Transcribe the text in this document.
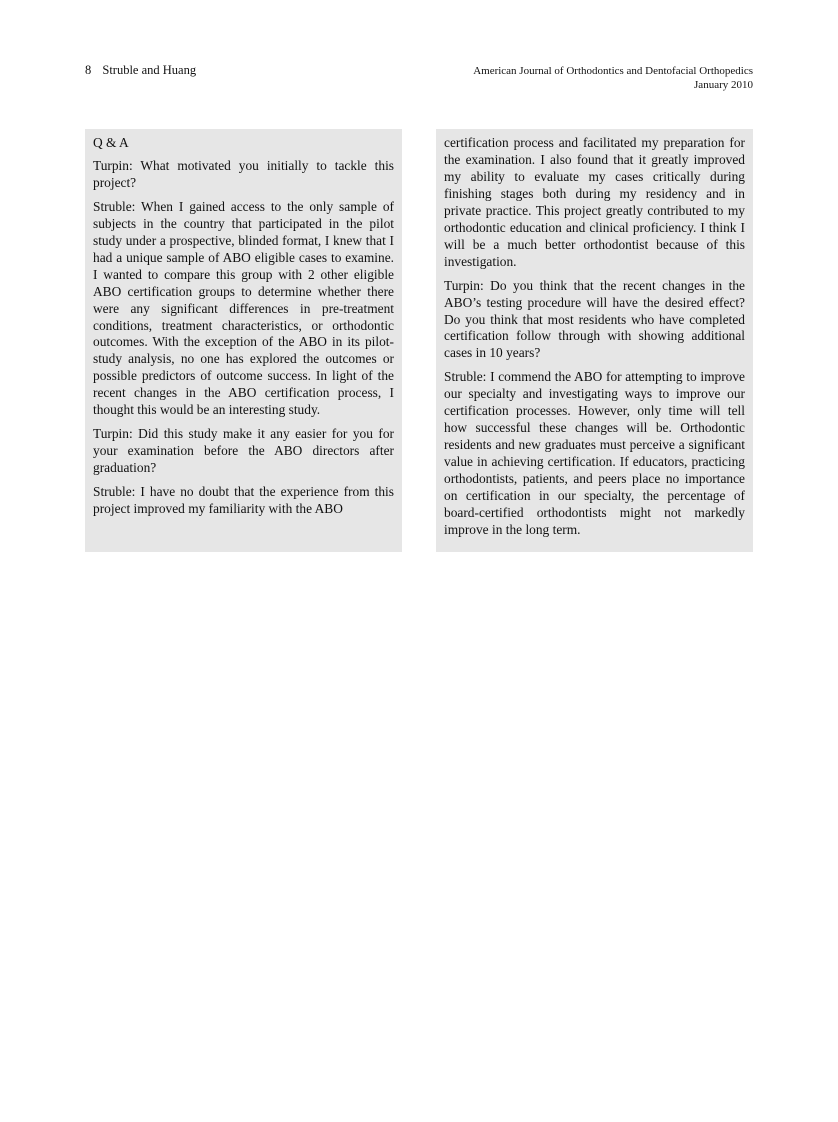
8 Struble and Huang	American Journal of Orthodontics and Dentofacial Orthopedics
January 2010

Q & A

Turpin: What motivated you initially to tackle this project?

Struble: When I gained access to the only sample of subjects in the country that participated in the pilot study under a prospective, blinded format, I knew that I had a unique sample of ABO eligible cases to examine. I wanted to compare this group with 2 other eligible ABO certification groups to determine whether there were any significant differences in pre-treatment conditions, treatment characteristics, or orthodontic outcomes. With the exception of the ABO in its pilot-study analysis, no one has explored the outcomes or possible predictors of outcome success. In light of the recent changes in the ABO certification process, I thought this would be an interesting study.

Turpin: Did this study make it any easier for you for your examination before the ABO directors after graduation?

Struble: I have no doubt that the experience from this project improved my familiarity with the ABO

certification process and facilitated my preparation for the examination. I also found that it greatly improved my ability to evaluate my cases critically during finishing stages both during my residency and in private practice. This project greatly contributed to my orthodontic education and clinical proficiency. I think I will be a much better orthodontist because of this investigation.

Turpin: Do you think that the recent changes in the ABO’s testing procedure will have the desired effect? Do you think that most residents who have completed certification follow through with showing additional cases in 10 years?

Struble: I commend the ABO for attempting to improve our specialty and investigating ways to improve our certification processes. However, only time will tell how successful these changes will be. Orthodontic residents and new graduates must perceive a significant value in achieving certification. If educators, practicing orthodontists, patients, and peers place no importance on certification in our specialty, the percentage of board-certified orthodontists might not markedly improve in the long term.
